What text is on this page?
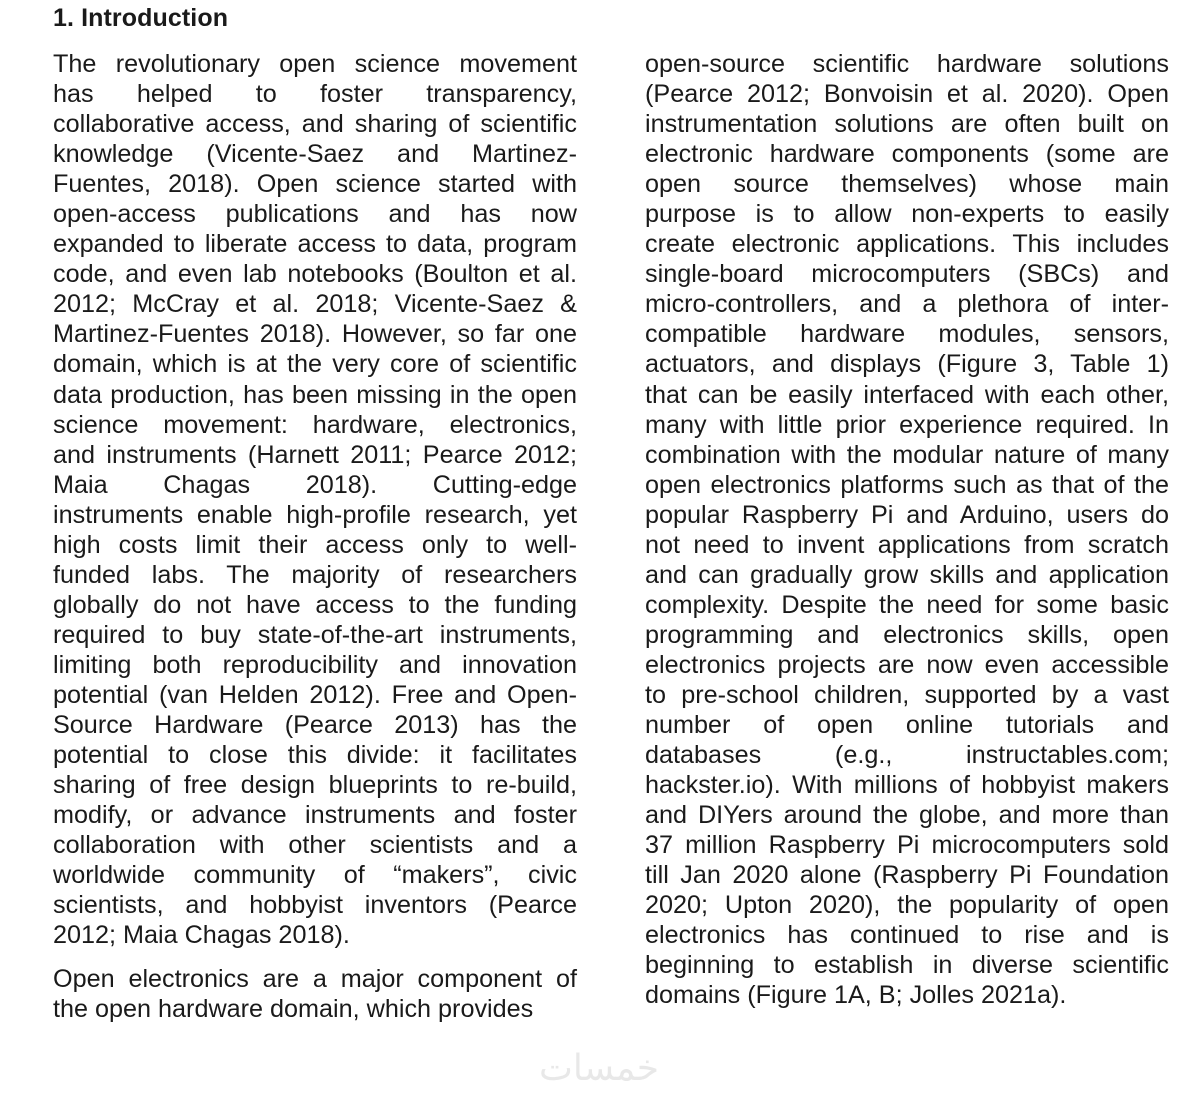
1. Introduction
The revolutionary open science movement
has helped to foster transparency,
collaborative access, and sharing of scientific
knowledge (Vicente-Saez and Martinez-
Fuentes, 2018). Open science started with
open-access publications and has now
expanded to liberate access to data, program
code, and even lab notebooks (Boulton et al.
2012; McCray et al. 2018; Vicente-Saez &
Martinez-Fuentes 2018). However, so far one
domain, which is at the very core of scientific
data production, has been missing in the open
science movement: hardware, electronics,
and instruments (Harnett 2011; Pearce 2012;
Maia Chagas 2018). Cutting-edge
instruments enable high-profile research, yet
high costs limit their access only to well-
funded labs. The majority of researchers
globally do not have access to the funding
required to buy state-of-the-art instruments,
limiting both reproducibility and innovation
potential (van Helden 2012). Free and Open-
Source Hardware (Pearce 2013) has the
potential to close this divide: it facilitates
sharing of free design blueprints to re-build,
modify, or advance instruments and foster
collaboration with other scientists and a
worldwide community of “makers”, civic
scientists, and hobbyist inventors (Pearce
2012; Maia Chagas 2018).
Open electronics are a major component of
the open hardware domain, which provides
open-source scientific hardware solutions
(Pearce 2012; Bonvoisin et al. 2020). Open
instrumentation solutions are often built on
electronic hardware components (some are
open source themselves) whose main
purpose is to allow non-experts to easily
create electronic applications. This includes
single-board microcomputers (SBCs) and
micro-controllers, and a plethora of inter-
compatible hardware modules, sensors,
actuators, and displays (Figure 3, Table 1)
that can be easily interfaced with each other,
many with little prior experience required. In
combination with the modular nature of many
open electronics platforms such as that of the
popular Raspberry Pi and Arduino, users do
not need to invent applications from scratch
and can gradually grow skills and application
complexity. Despite the need for some basic
programming and electronics skills, open
electronics projects are now even accessible
to pre-school children, supported by a vast
number of open online tutorials and
databases (e.g., instructables.com;
hackster.io). With millions of hobbyist makers
and DIYers around the globe, and more than
37 million Raspberry Pi microcomputers sold
till Jan 2020 alone (Raspberry Pi Foundation
2020; Upton 2020), the popularity of open
electronics has continued to rise and is
beginning to establish in diverse scientific
domains (Figure 1A, B; Jolles 2021a).
خمسات
